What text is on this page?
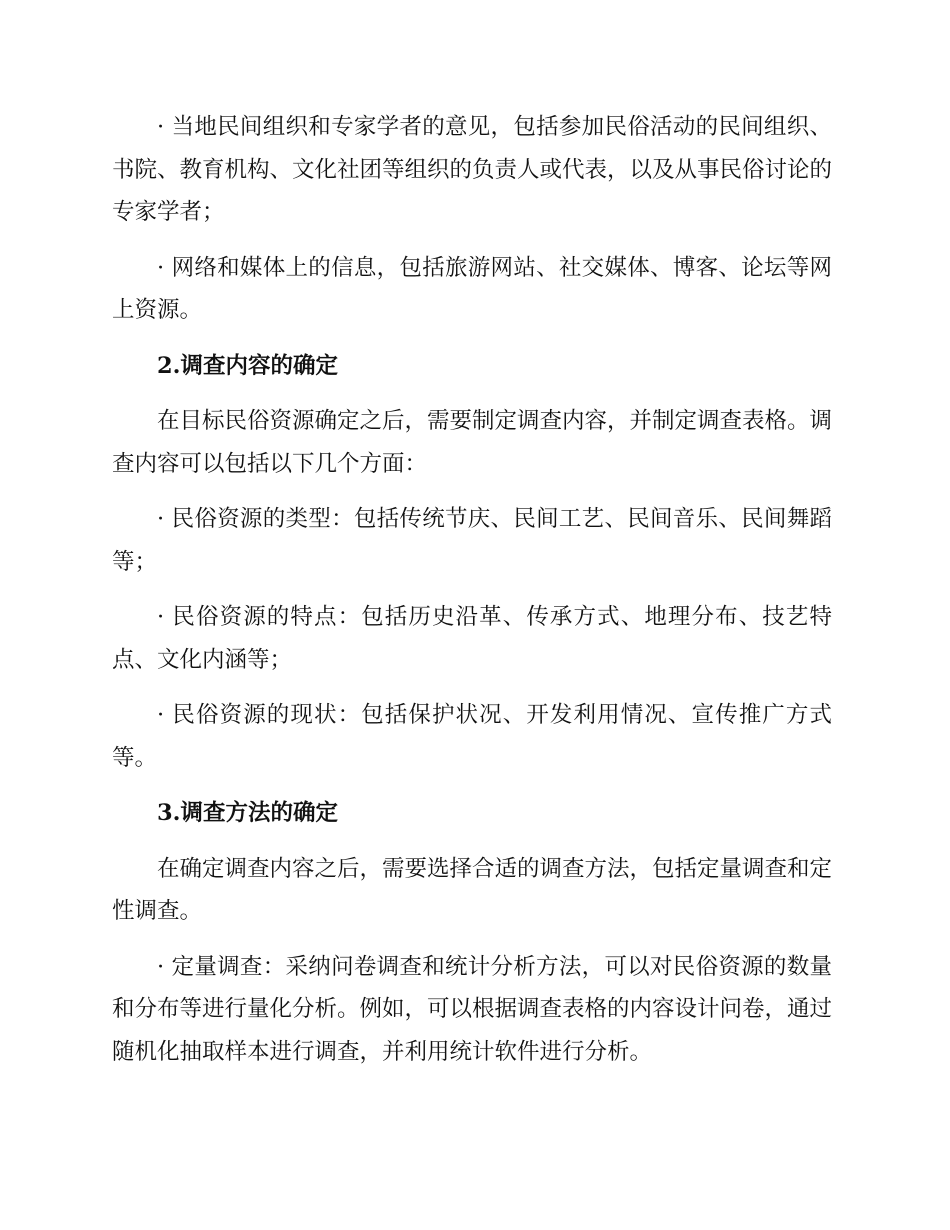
· 当地民间组织和专家学者的意见，包括参加民俗活动的民间组织、书院、教育机构、文化社团等组织的负责人或代表，以及从事民俗讨论的专家学者；

· 网络和媒体上的信息，包括旅游网站、社交媒体、博客、论坛等网上资源。

2.调查内容的确定

在目标民俗资源确定之后，需要制定调查内容，并制定调查表格。调查内容可以包括以下几个方面：

· 民俗资源的类型：包括传统节庆、民间工艺、民间音乐、民间舞蹈等；

· 民俗资源的特点：包括历史沿革、传承方式、地理分布、技艺特点、文化内涵等；

· 民俗资源的现状：包括保护状况、开发利用情况、宣传推广方式等。

3.调查方法的确定

在确定调查内容之后，需要选择合适的调查方法，包括定量调查和定性调查。

· 定量调查：采纳问卷调查和统计分析方法，可以对民俗资源的数量和分布等进行量化分析。例如，可以根据调查表格的内容设计问卷，通过随机化抽取样本进行调查，并利用统计软件进行分析。
